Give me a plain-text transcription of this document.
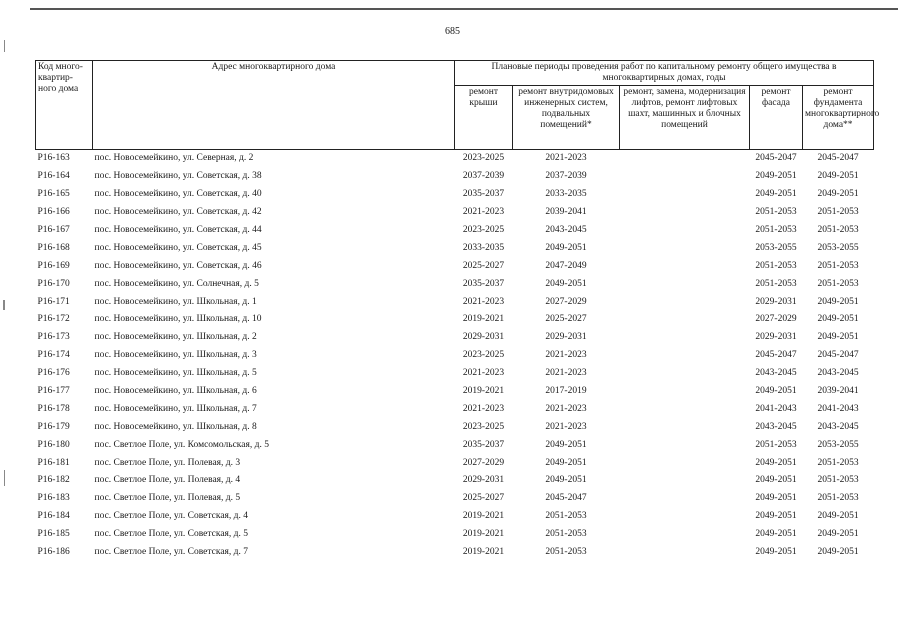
685
Код много-квартир-ного дома	Адрес многоквартирного дома	Плановые периоды проведения работ по капитальному ремонту общего имущества в многоквартирных домах, годы				
		ремонт крыши	ремонт внутридомовых инженерных систем, подвальных помещений*	ремонт, замена, модернизация лифтов, ремонт лифтовых шахт, машинных и блочных помещений	ремонт фасада	ремонт фундамента многоквартирного дома**
Р16-163	пос. Новосемейкино, ул. Северная, д. 2	2023-2025	2021-2023		2045-2047	2045-2047
Р16-164	пос. Новосемейкино, ул. Советская, д. 38	2037-2039	2037-2039		2049-2051	2049-2051
Р16-165	пос. Новосемейкино, ул. Советская, д. 40	2035-2037	2033-2035		2049-2051	2049-2051
Р16-166	пос. Новосемейкино, ул. Советская, д. 42	2021-2023	2039-2041		2051-2053	2051-2053
Р16-167	пос. Новосемейкино, ул. Советская, д. 44	2023-2025	2043-2045		2051-2053	2051-2053
Р16-168	пос. Новосемейкино, ул. Советская, д. 45	2033-2035	2049-2051		2053-2055	2053-2055
Р16-169	пос. Новосемейкино, ул. Советская, д. 46	2025-2027	2047-2049		2051-2053	2051-2053
Р16-170	пос. Новосемейкино, ул. Солнечная, д. 5	2035-2037	2049-2051		2051-2053	2051-2053
Р16-171	пос. Новосемейкино, ул. Школьная, д. 1	2021-2023	2027-2029		2029-2031	2049-2051
Р16-172	пос. Новосемейкино, ул. Школьная, д. 10	2019-2021	2025-2027		2027-2029	2049-2051
Р16-173	пос. Новосемейкино, ул. Школьная, д. 2	2029-2031	2029-2031		2029-2031	2049-2051
Р16-174	пос. Новосемейкино, ул. Школьная, д. 3	2023-2025	2021-2023		2045-2047	2045-2047
Р16-176	пос. Новосемейкино, ул. Школьная, д. 5	2021-2023	2021-2023		2043-2045	2043-2045
Р16-177	пос. Новосемейкино, ул. Школьная, д. 6	2019-2021	2017-2019		2049-2051	2039-2041
Р16-178	пос. Новосемейкино, ул. Школьная, д. 7	2021-2023	2021-2023		2041-2043	2041-2043
Р16-179	пос. Новосемейкино, ул. Школьная, д. 8	2023-2025	2021-2023		2043-2045	2043-2045
Р16-180	пос. Светлое Поле, ул. Комсомольская, д. 5	2035-2037	2049-2051		2051-2053	2053-2055
Р16-181	пос. Светлое Поле, ул. Полевая, д. 3	2027-2029	2049-2051		2049-2051	2051-2053
Р16-182	пос. Светлое Поле, ул. Полевая, д. 4	2029-2031	2049-2051		2049-2051	2051-2053
Р16-183	пос. Светлое Поле, ул. Полевая, д. 5	2025-2027	2045-2047		2049-2051	2051-2053
Р16-184	пос. Светлое Поле, ул. Советская, д. 4	2019-2021	2051-2053		2049-2051	2049-2051
Р16-185	пос. Светлое Поле, ул. Советская, д. 5	2019-2021	2051-2053		2049-2051	2049-2051
Р16-186	пос. Светлое Поле, ул. Советская, д. 7	2019-2021	2051-2053		2049-2051	2049-2051
